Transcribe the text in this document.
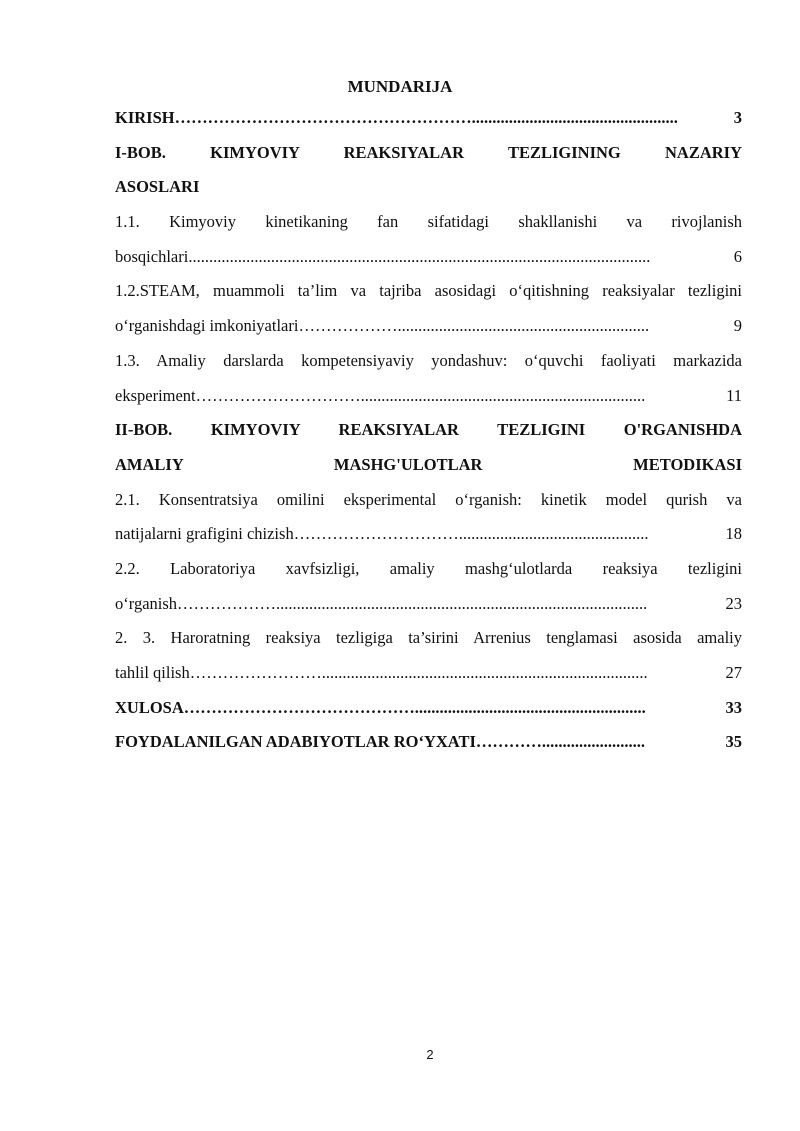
MUNDARIJA
KIRISH ………………………………………………..................................................	3
I-BOB. KIMYOVIY REAKSIYALAR TEZLIGINING NAZARIY
ASOSLARI
1.1. Kimyoviy kinetikaning fan sifatidagi shakllanishi va rivojlanish
bosqichlari ................................................................................................................	6
1.2.STEAM, muammoli ta’lim va tajriba asosidagi o‘qitishning reaksiyalar tezligini
o‘rganishdagi imkoniyatlari ……………….............................................................	9
1.3. Amaliy darslarda kompetensiyaviy yondashuv: o‘quvchi faoliyati markazida
eksperiment ………………………….....................................................................	11
II-BOB. KIMYOVIY REAKSIYALAR TEZLIGINI O'RGANISHDA
AMALIY MASHG'ULOTLAR METODIKASI
2.1. Konsentratsiya omilini eksperimental o‘rganish: kinetik model qurish va
natijalarni grafigini chizish …………………………..............................................	18
2.2. Laboratoriya xavfsizligi, amaliy mashg‘ulotlarda reaksiya tezligini
o‘rganish ………………..........................................................................................	23
2. 3. Haroratning reaksiya tezligiga ta’sirini Arrenius tenglamasi asosida amaliy
tahlil qilish ……………………...............................................................................	27
XULOSA ……………………………………........................................................	33
FOYDALANILGAN ADABIYOTLAR RO‘YXATI ………….........................	35
2
